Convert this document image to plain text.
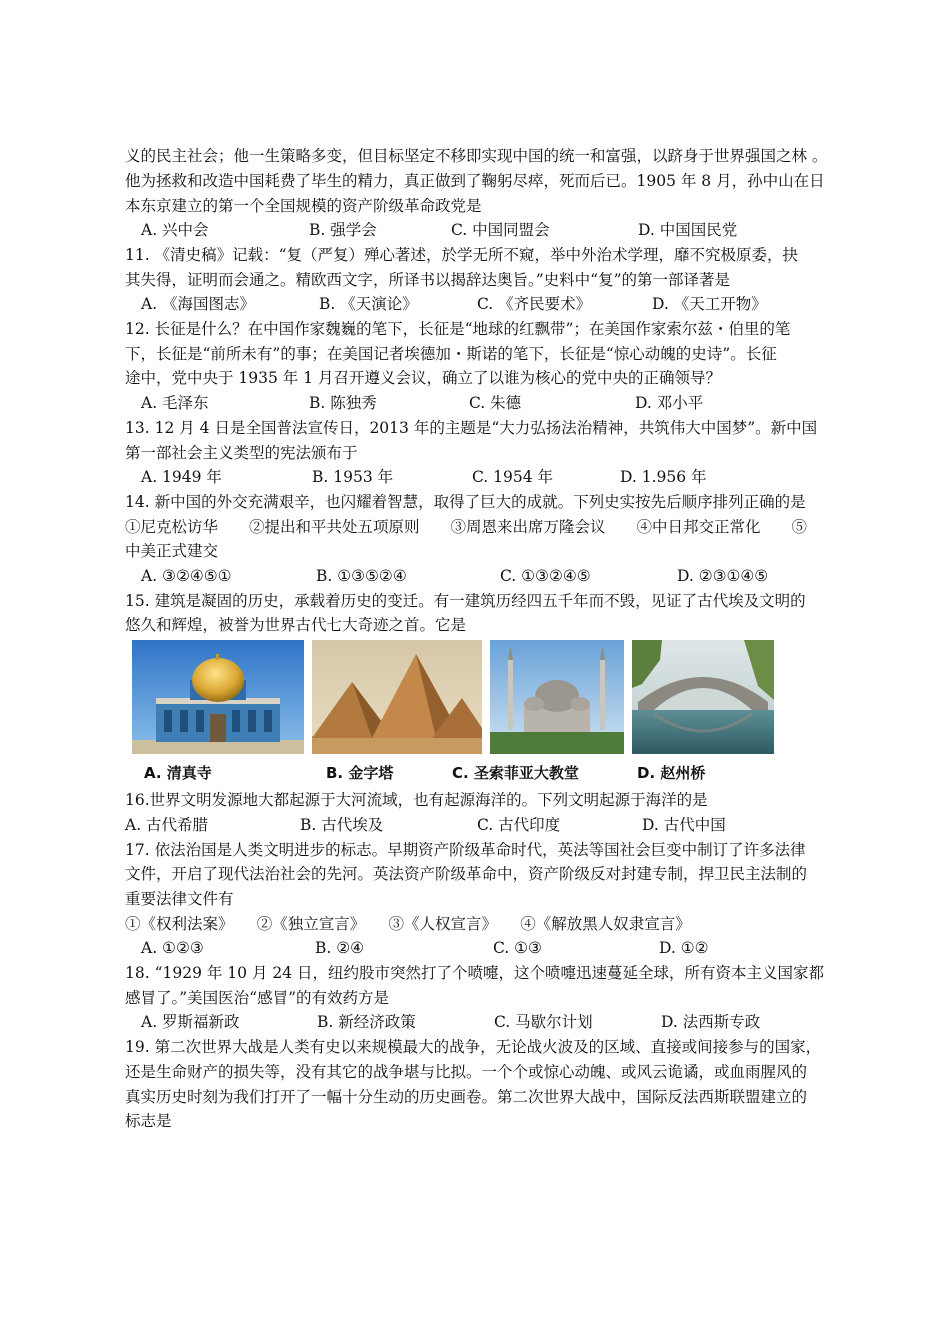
义的民主社会；他一生策略多变，但目标坚定不移即实现中国的统一和富强，以跻身于世界强国之林 。
他为拯救和改造中国耗费了毕生的精力，真正做到了鞠躬尽瘁，死而后已。1905 年 8 月，孙中山在日
本东京建立的第一个全国规模的资产阶级革命政党是
A. 兴中会	B. 强学会	C. 中国同盟会	D. 中国国民党
11. 《清史稿》记载：“复（严复）殚心著述，於学无所不窥，举中外治术学理，靡不究极原委，抉
其失得，证明而会通之。精欧西文字，所译书以揭辞达奥旨。”史料中“复”的第一部译著是
A. 《海国图志》	B. 《天演论》	C. 《齐民要术》	D. 《天工开物》
12. 长征是什么？在中国作家魏巍的笔下，长征是“地球的红飘带”；在美国作家索尔兹・伯里的笔
下，长征是“前所未有”的事；在美国记者埃德加・斯诺的笔下，长征是“惊心动魄的史诗”。长征
途中，党中央于 1935 年 1 月召开遵义会议，确立了以谁为核心的党中央的正确领导？
A. 毛泽东	B. 陈独秀	C. 朱德	D. 邓小平
13. 12 月 4 日是全国普法宣传日，2013 年的主题是“大力弘扬法治精神，共筑伟大中国梦”。新中国
第一部社会主义类型的宪法颁布于
A. 1949 年	B. 1953 年	C. 1954 年	D. 1.956 年
14. 新中国的外交充满艰辛，也闪耀着智慧，取得了巨大的成就。下列史实按先后顺序排列正确的是
①尼克松访华　　②提出和平共处五项原则　　③周恩来出席万隆会议　　④中日邦交正常化　　⑤
中美正式建交
A. ③②④⑤①	B. ①③⑤②④	C. ①③②④⑤	D. ②③①④⑤
15. 建筑是凝固的历史，承载着历史的变迁。有一建筑历经四五千年而不毁，见证了古代埃及文明的
悠久和辉煌，被誉为世界古代七大奇迹之首。它是
A. 清真寺	B. 金字塔	C. 圣索菲亚大教堂	D. 赵州桥
16.世界文明发源地大都起源于大河流域，也有起源海洋的。下列文明起源于海洋的是
A. 古代希腊	B. 古代埃及	C. 古代印度	D. 古代中国
17. 依法治国是人类文明进步的标志。早期资产阶级革命时代，英法等国社会巨变中制订了许多法律
文件，开启了现代法治社会的先河。英法资产阶级革命中，资产阶级反对封建专制，捍卫民主法制的
重要法律文件有
①《权利法案》　　②《独立宣言》　　③《人权宣言》　　④《解放黑人奴隶宣言》
A. ①②③	B. ②④	C. ①③	D. ①②
18. “1929 年 10 月 24 日，纽约股市突然打了个喷嚏，这个喷嚏迅速蔓延全球，所有资本主义国家都
感冒了。”美国医治“感冒”的有效药方是
A. 罗斯福新政	B. 新经济政策	C. 马歇尔计划	D. 法西斯专政
19. 第二次世界大战是人类有史以来规模最大的战争，无论战火波及的区域、直接或间接参与的国家，
还是生命财产的损失等，没有其它的战争堪与比拟。一个个或惊心动魄、或风云诡谲，或血雨腥风的
真实历史时刻为我们打开了一幅十分生动的历史画卷。第二次世界大战中，国际反法西斯联盟建立的
标志是
